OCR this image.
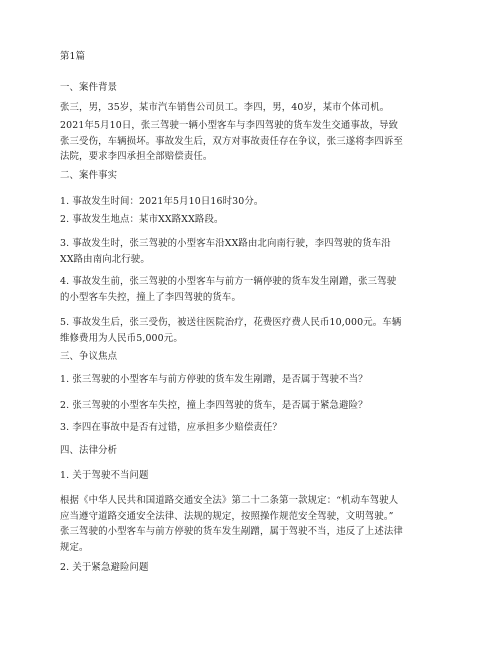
第1篇
一、案件背景
张三，男，35岁，某市汽车销售公司员工。李四，男，40岁，某市个体司机。
2021年5月10日，张三驾驶一辆小型客车与李四驾驶的货车发生交通事故，导致
张三受伤，车辆损坏。事故发生后，双方对事故责任存在争议，张三遂将李四诉至
法院，要求李四承担全部赔偿责任。
二、案件事实
1. 事故发生时间：2021年5月10日16时30分。
2. 事故发生地点：某市XX路XX路段。
3. 事故发生时，张三驾驶的小型客车沿XX路由北向南行驶，李四驾驶的货车沿
XX路由南向北行驶。
4. 事故发生前，张三驾驶的小型客车与前方一辆停驶的货车发生剐蹭，张三驾驶
的小型客车失控，撞上了李四驾驶的货车。
5. 事故发生后，张三受伤，被送往医院治疗，花费医疗费人民币10,000元。车辆
维修费用为人民币5,000元。
三、争议焦点
1. 张三驾驶的小型客车与前方停驶的货车发生剐蹭，是否属于驾驶不当？
2. 张三驾驶的小型客车失控，撞上李四驾驶的货车，是否属于紧急避险？
3. 李四在事故中是否有过错，应承担多少赔偿责任？
四、法律分析
1. 关于驾驶不当问题
根据《中华人民共和国道路交通安全法》第二十二条第一款规定：“机动车驾驶人
应当遵守道路交通安全法律、法规的规定，按照操作规范安全驾驶，文明驾驶。”
张三驾驶的小型客车与前方停驶的货车发生剐蹭，属于驾驶不当，违反了上述法律
规定。
2. 关于紧急避险问题
